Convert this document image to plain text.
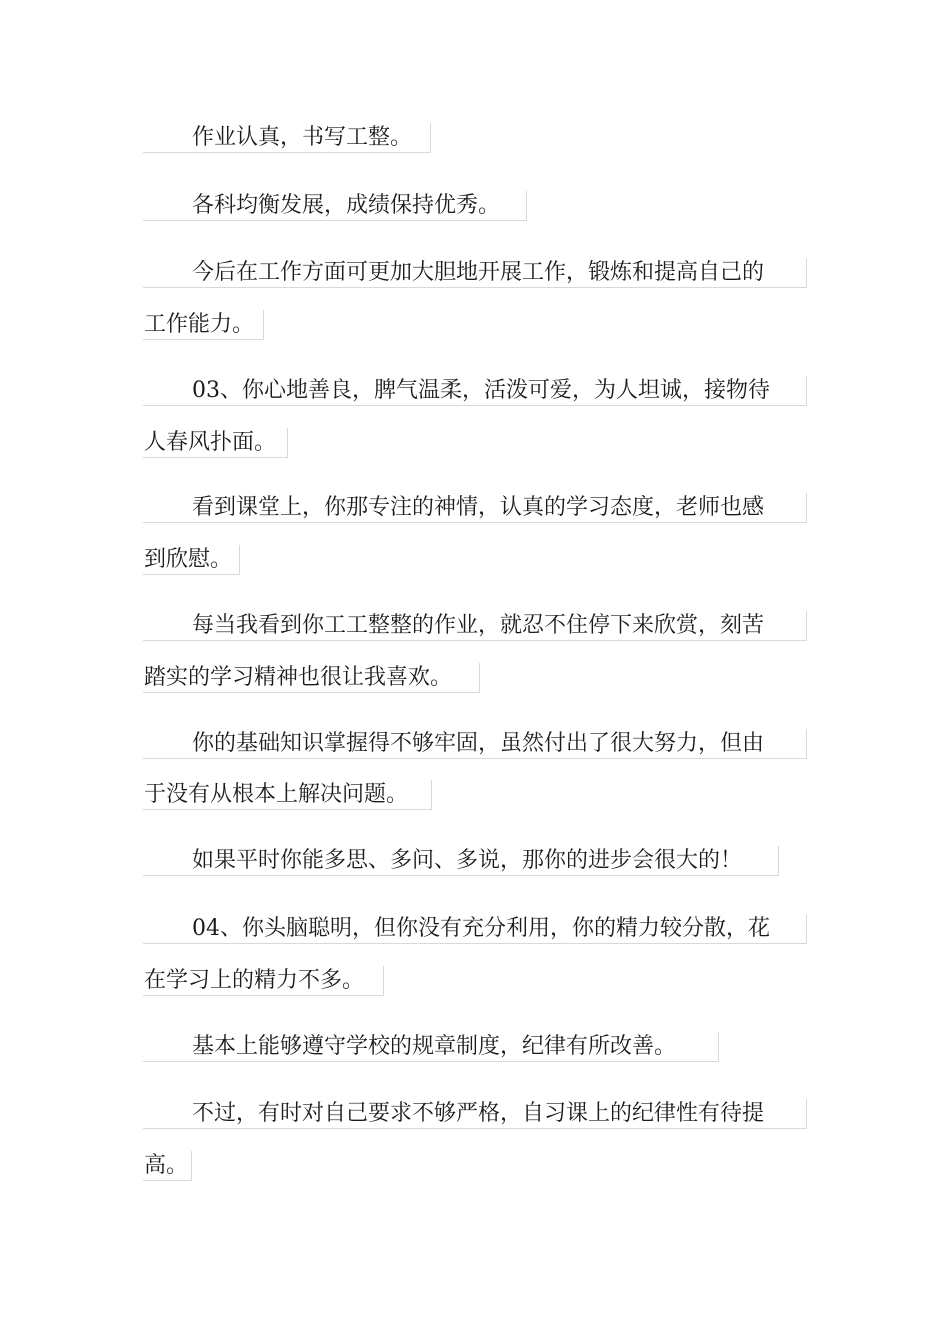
作业认真，书写工整。
各科均衡发展，成绩保持优秀。
今后在工作方面可更加大胆地开展工作，锻炼和提高自己的
工作能力。
03、你心地善良，脾气温柔，活泼可爱，为人坦诚，接物待
人春风扑面。
看到课堂上，你那专注的神情，认真的学习态度，老师也感
到欣慰。
每当我看到你工工整整的作业，就忍不住停下来欣赏，刻苦
踏实的学习精神也很让我喜欢。
你的基础知识掌握得不够牢固，虽然付出了很大努力，但由
于没有从根本上解决问题。
如果平时你能多思、多问、多说，那你的进步会很大的！
04、你头脑聪明，但你没有充分利用，你的精力较分散，花
在学习上的精力不多。
基本上能够遵守学校的规章制度，纪律有所改善。
不过，有时对自己要求不够严格，自习课上的纪律性有待提
高。
